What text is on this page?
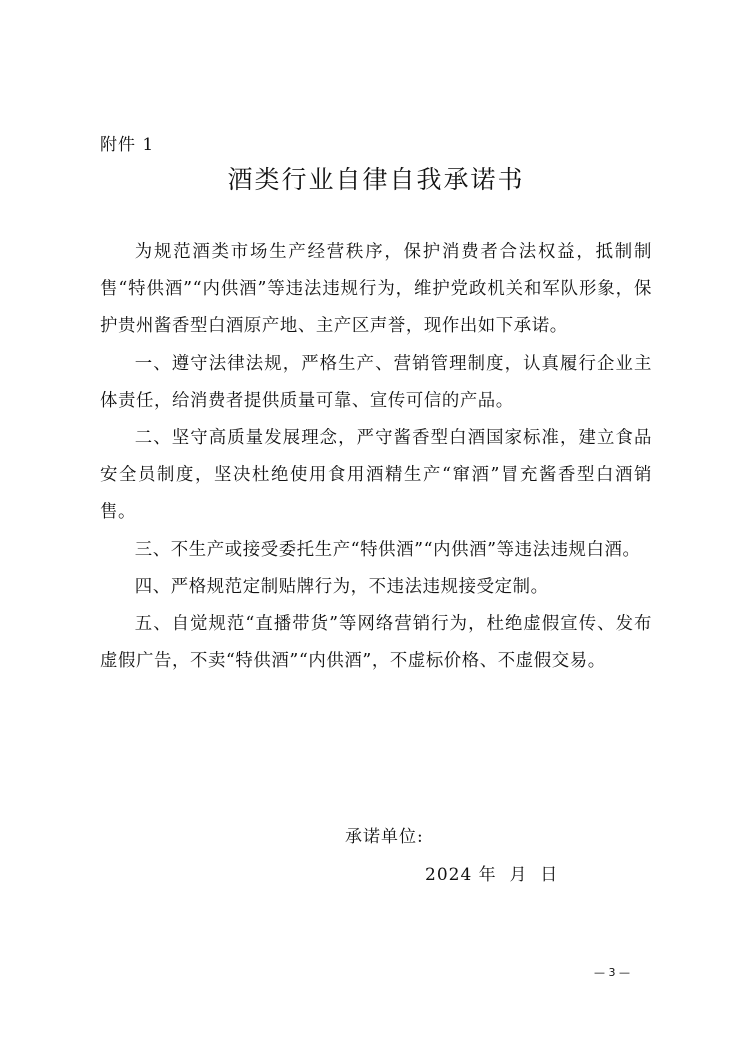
附件 1
酒类行业自律自我承诺书

为规范酒类市场生产经营秩序，保护消费者合法权益，抵制制售“特供酒”“内供酒”等违法违规行为，维护党政机关和军队形象，保护贵州酱香型白酒原产地、主产区声誉，现作出如下承诺。

一、遵守法律法规，严格生产、营销管理制度，认真履行企业主体责任，给消费者提供质量可靠、宣传可信的产品。

二、坚守高质量发展理念，严守酱香型白酒国家标准，建立食品安全员制度，坚决杜绝使用食用酒精生产“窜酒”冒充酱香型白酒销售。

三、不生产或接受委托生产“特供酒”“内供酒”等违法违规白酒。

四、严格规范定制贴牌行为，不违法违规接受定制。

五、自觉规范“直播带货”等网络营销行为，杜绝虚假宣传、发布虚假广告，不卖“特供酒”“内供酒”，不虚标价格、不虚假交易。

承诺单位:
2024 年  月  日
— 3 —
